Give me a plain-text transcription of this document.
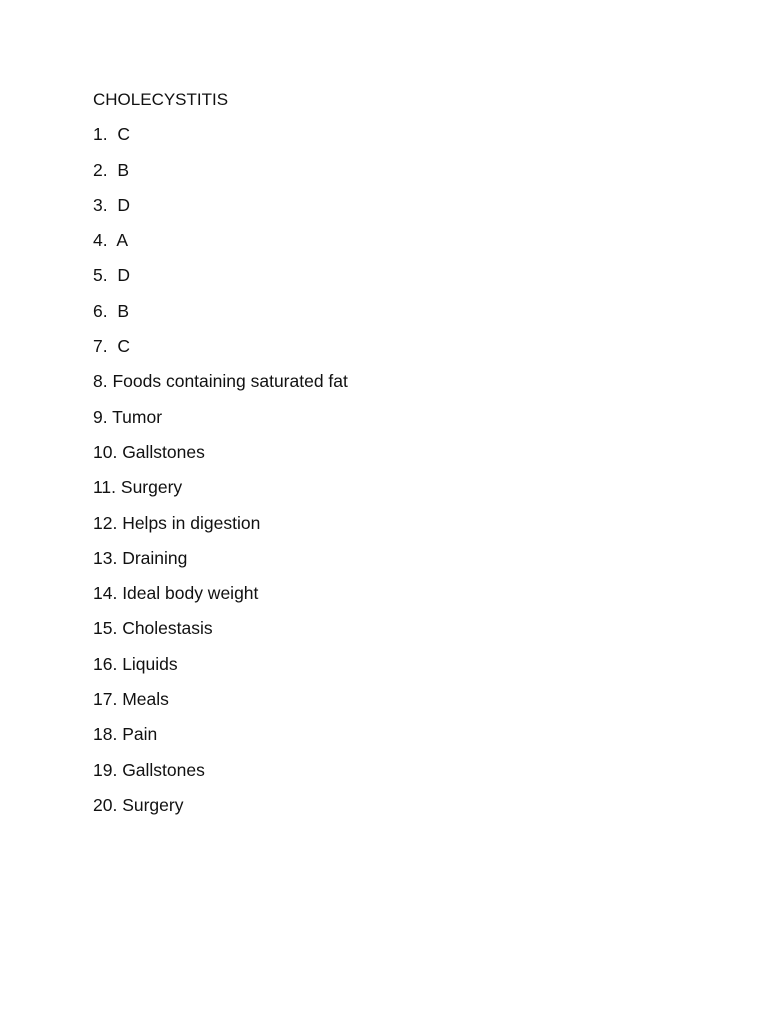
CHOLECYSTITIS
1.  C
2.  B
3.  D
4.  A
5.  D
6.  B
7.  C
8. Foods containing saturated fat
9. Tumor
10. Gallstones
11. Surgery
12. Helps in digestion
13. Draining
14. Ideal body weight
15. Cholestasis
16. Liquids
17. Meals
18. Pain
19. Gallstones
20. Surgery
